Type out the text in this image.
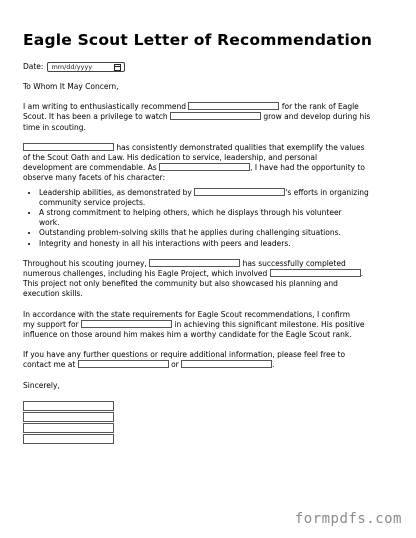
Eagle Scout Letter of Recommendation
Date: mm/dd/yyyy

To Whom It May Concern,

I am writing to enthusiastically recommend	for the rank of Eagle
Scout. It has been a privilege to watch	grow and develop during his
time in scouting.

has consistently demonstrated qualities that exemplify the values
of the Scout Oath and Law. His dedication to service, leadership, and personal
development are commendable. As	, I have had the opportunity to
observe many facets of his character:

• Leadership abilities, as demonstrated by	's efforts in organizing
community service projects.
• A strong commitment to helping others, which he displays through his volunteer
work.
• Outstanding problem-solving skills that he applies during challenging situations.
• Integrity and honesty in all his interactions with peers and leaders.

Throughout his scouting journey,	has successfully completed
numerous challenges, including his Eagle Project, which involved	.
This project not only benefited the community but also showcased his planning and
execution skills.

In accordance with the state requirements for Eagle Scout recommendations, I confirm
my support for	in achieving this significant milestone. His positive
influence on those around him makes him a worthy candidate for the Eagle Scout rank.

If you have any further questions or require additional information, please feel free to
contact me at	or	.

Sincerely,

formpdfs.com
